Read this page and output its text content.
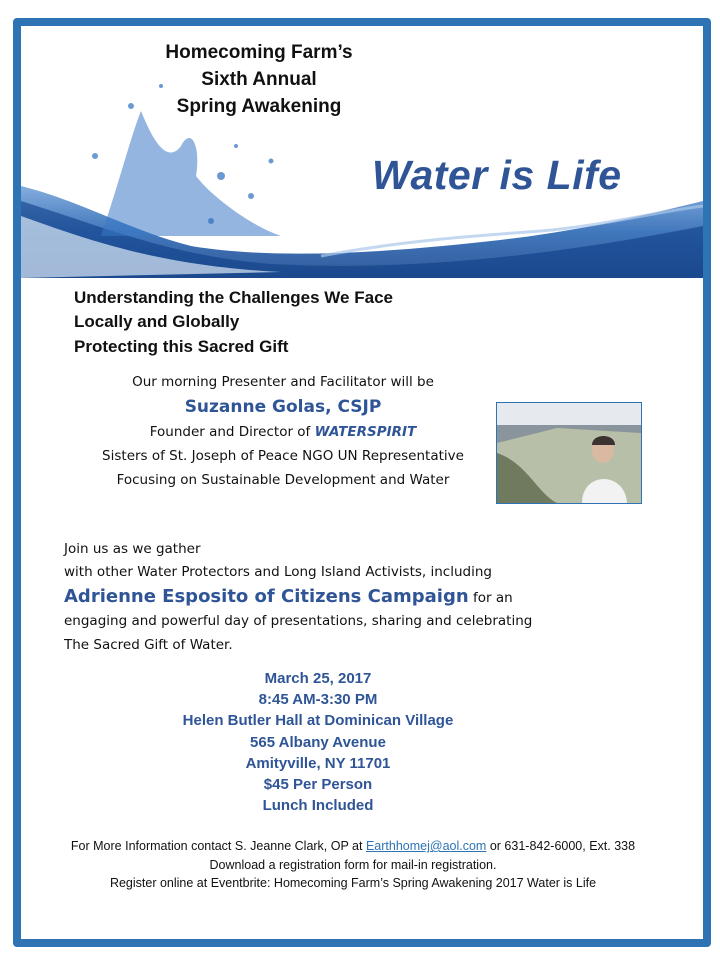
Homecoming Farm’s
Sixth Annual
Spring Awakening
Water is Life
Understanding the Challenges We Face
Locally and Globally
Protecting this Sacred Gift
Our morning Presenter and Facilitator will be
Suzanne Golas, CSJP
Founder and Director of WATERSPIRIT
Sisters of St. Joseph of Peace NGO UN Representative
Focusing on Sustainable Development and Water
Join us as we gather
with other Water Protectors and Long Island Activists, including
Adrienne Esposito of Citizens Campaign for an
engaging and powerful day of presentations, sharing and celebrating
The Sacred Gift of Water.
March 25, 2017
8:45 AM-3:30 PM
Helen Butler Hall at Dominican Village
565 Albany Avenue
Amityville, NY 11701
$45 Per Person
Lunch Included
For More Information contact S. Jeanne Clark, OP at Earthhomej@aol.com or 631-842-6000, Ext. 338
Download a registration form for mail-in registration.
Register online at Eventbrite: Homecoming Farm’s Spring Awakening 2017 Water is Life
